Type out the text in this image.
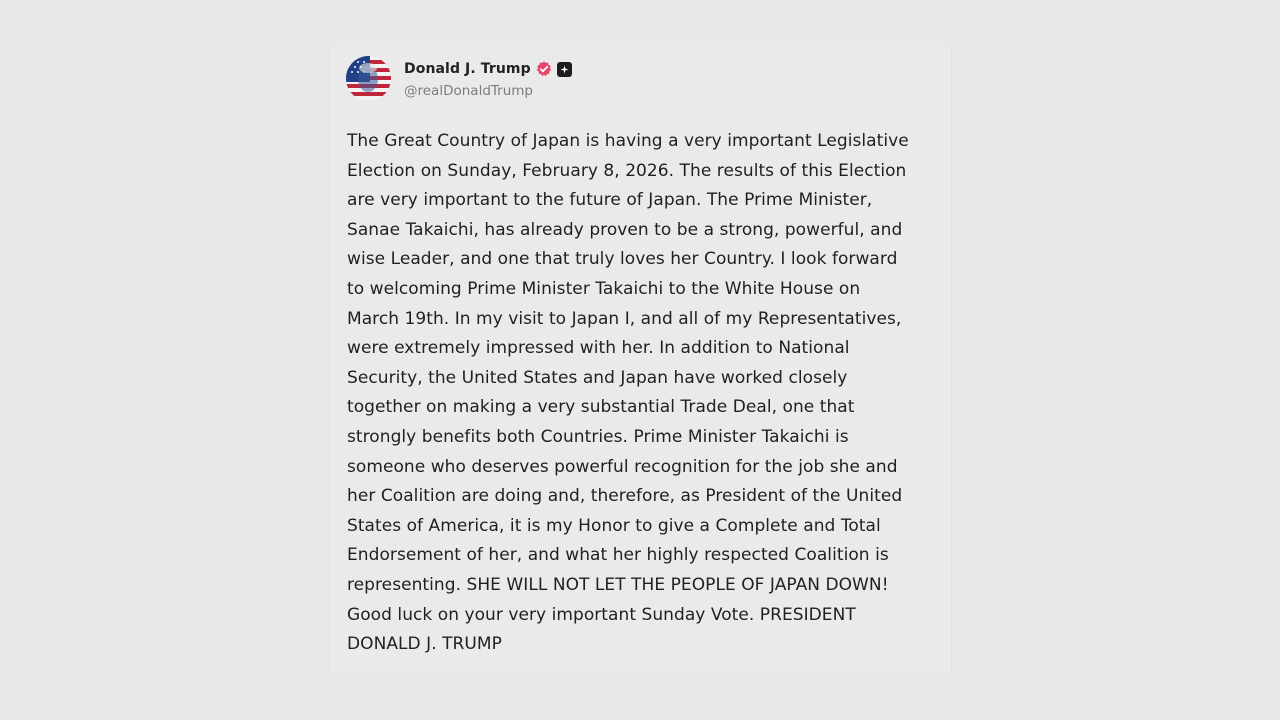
Donald J. Trump
@realDonaldTrump

The Great Country of Japan is having a very important Legislative
Election on Sunday, February 8, 2026. The results of this Election
are very important to the future of Japan. The Prime Minister,
Sanae Takaichi, has already proven to be a strong, powerful, and
wise Leader, and one that truly loves her Country. I look forward
to welcoming Prime Minister Takaichi to the White House on
March 19th. In my visit to Japan I, and all of my Representatives,
were extremely impressed with her. In addition to National
Security, the United States and Japan have worked closely
together on making a very substantial Trade Deal, one that
strongly benefits both Countries. Prime Minister Takaichi is
someone who deserves powerful recognition for the job she and
her Coalition are doing and, therefore, as President of the United
States of America, it is my Honor to give a Complete and Total
Endorsement of her, and what her highly respected Coalition is
representing. SHE WILL NOT LET THE PEOPLE OF JAPAN DOWN!
Good luck on your very important Sunday Vote. PRESIDENT
DONALD J. TRUMP
